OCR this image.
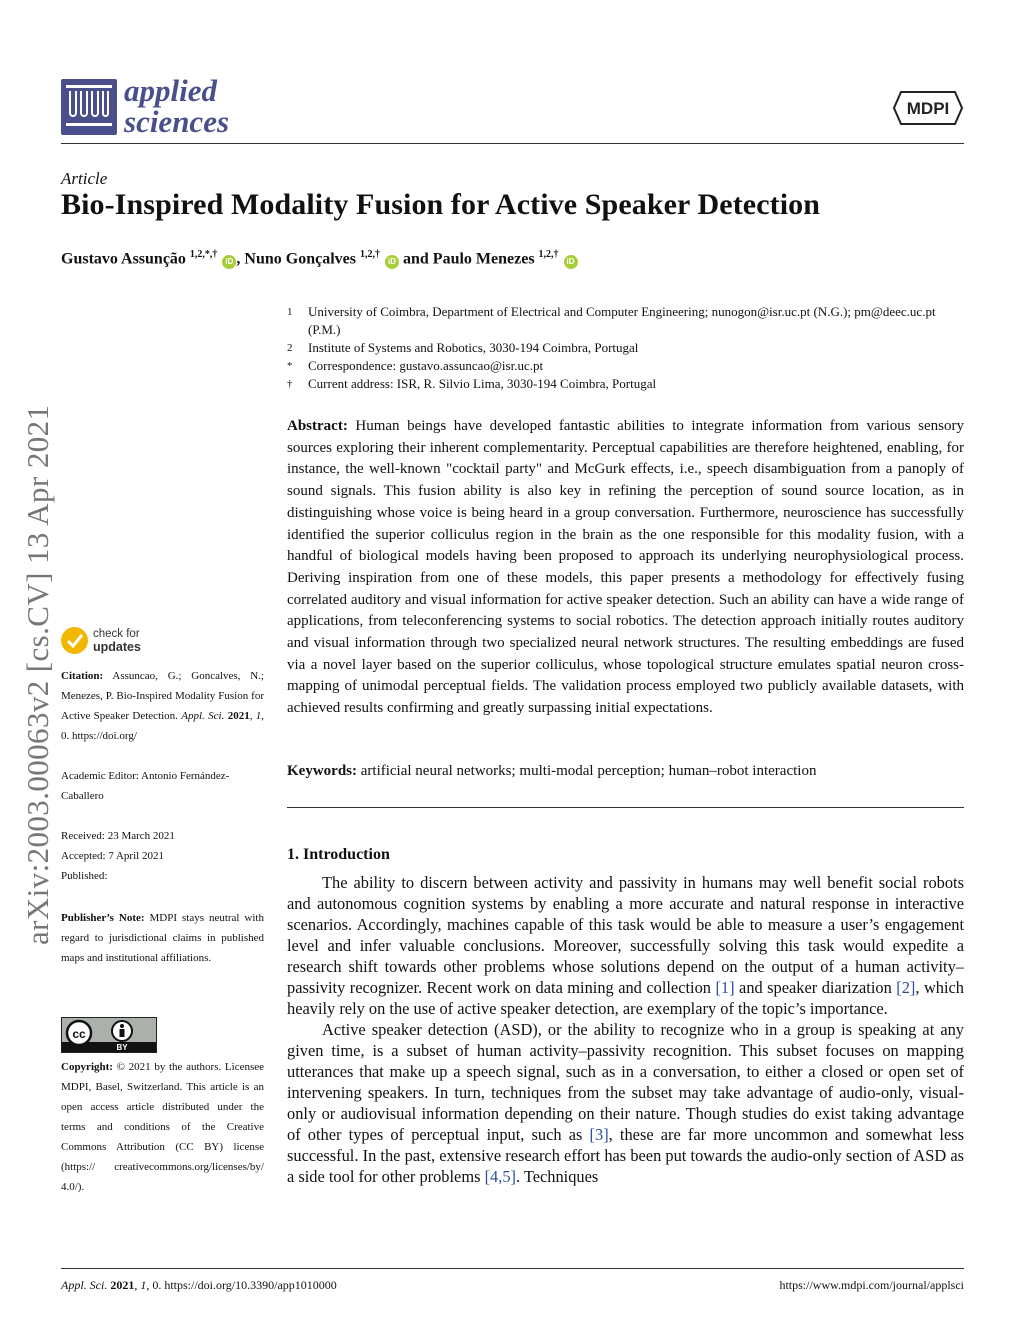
applied
sciences	MDPI
Article
Bio-Inspired Modality Fusion for Active Speaker Detection
Gustavo Assunção $^{1,2,*,\dagger}$ iD , Nuno Gonçalves $^{1,2,\dagger}$ iD and Paulo Menezes $^{1,2,\dagger}$ iD
1 University of Coimbra, Department of Electrical and Computer Engineering; nunogon@isr.uc.pt (N.G.); pm@deec.uc.pt (P.M.)
2 Institute of Systems and Robotics, 3030-194 Coimbra, Portugal
* Correspondence: gustavo.assuncao@isr.uc.pt
† Current address: ISR, R. Silvio Lima, 3030-194 Coimbra, Portugal
Abstract: Human beings have developed fantastic abilities to integrate information from various sensory sources exploring their inherent complementarity. Perceptual capabilities are therefore heightened, enabling, for instance, the well-known "cocktail party" and McGurk effects, i.e., speech disambiguation from a panoply of sound signals. This fusion ability is also key in refining the perception of sound source location, as in distinguishing whose voice is being heard in a group conversation. Furthermore, neuroscience has successfully identified the superior colliculus region in the brain as the one responsible for this modality fusion, with a handful of biological models having been proposed to approach its underlying neurophysiological process. Deriving inspiration from one of these models, this paper presents a methodology for effectively fusing correlated auditory and visual information for active speaker detection. Such an ability can have a wide range of applications, from teleconferencing systems to social robotics. The detection approach initially routes auditory and visual information through two specialized neural network structures. The resulting embeddings are fused via a novel layer based on the superior colliculus, whose topological structure emulates spatial neuron cross-mapping of unimodal perceptual fields. The validation process employed two publicly available datasets, with achieved results confirming and greatly surpassing initial expectations.
Keywords: artificial neural networks; multi-modal perception; human–robot interaction
1. Introduction

The ability to discern between activity and passivity in humans may well benefit social robots and autonomous cognition systems by enabling a more accurate and natural response in interactive scenarios. Accordingly, machines capable of this task would be able to measure a user’s engagement level and infer valuable conclusions. Moreover, successfully solving this task would expedite a research shift towards other problems whose solutions depend on the output of a human activity–passivity recognizer. Recent work on data mining and collection [1] and speaker diarization [2], which heavily rely on the use of active speaker detection, are exemplary of the topic’s importance.

Active speaker detection (ASD), or the ability to recognize who in a group is speaking at any given time, is a subset of human activity–passivity recognition. This subset focuses on mapping utterances that make up a speech signal, such as in a conversation, to either a closed or open set of intervening speakers. In turn, techniques from the subset may take advantage of audio-only, visual-only or audiovisual information depending on their nature. Though studies do exist taking advantage of other types of perceptual input, such as [3], these are far more uncommon and somewhat less successful. In the past, extensive research effort has been put towards the audio-only section of ASD as a side tool for other problems [4,5]. Techniques

arXiv:2003.00063v2 [cs.CV] 13 Apr 2021	check for
updates
Citation: Assuncao, G.; Goncalves, N.; Menezes, P. Bio-Inspired Modality Fusion for Active Speaker Detection. Appl. Sci. 2021, 1, 0. https://doi.org/
Academic Editor: Antonio Fernández-Caballero
Received: 23 March 2021
Accepted: 7 April 2021
Published:
Publisher’s Note: MDPI stays neutral with regard to jurisdictional claims in published maps and institutional affiliations.
cc
BY
Copyright: © 2021 by the authors. Licensee MDPI, Basel, Switzerland. This article is an open access article distributed under the terms and conditions of the Creative Commons Attribution (CC BY) license (https:// creativecommons.org/licenses/by/ 4.0/).
Appl. Sci. 2021, 1, 0. https://doi.org/10.3390/app1010000	https://www.mdpi.com/journal/applsci
